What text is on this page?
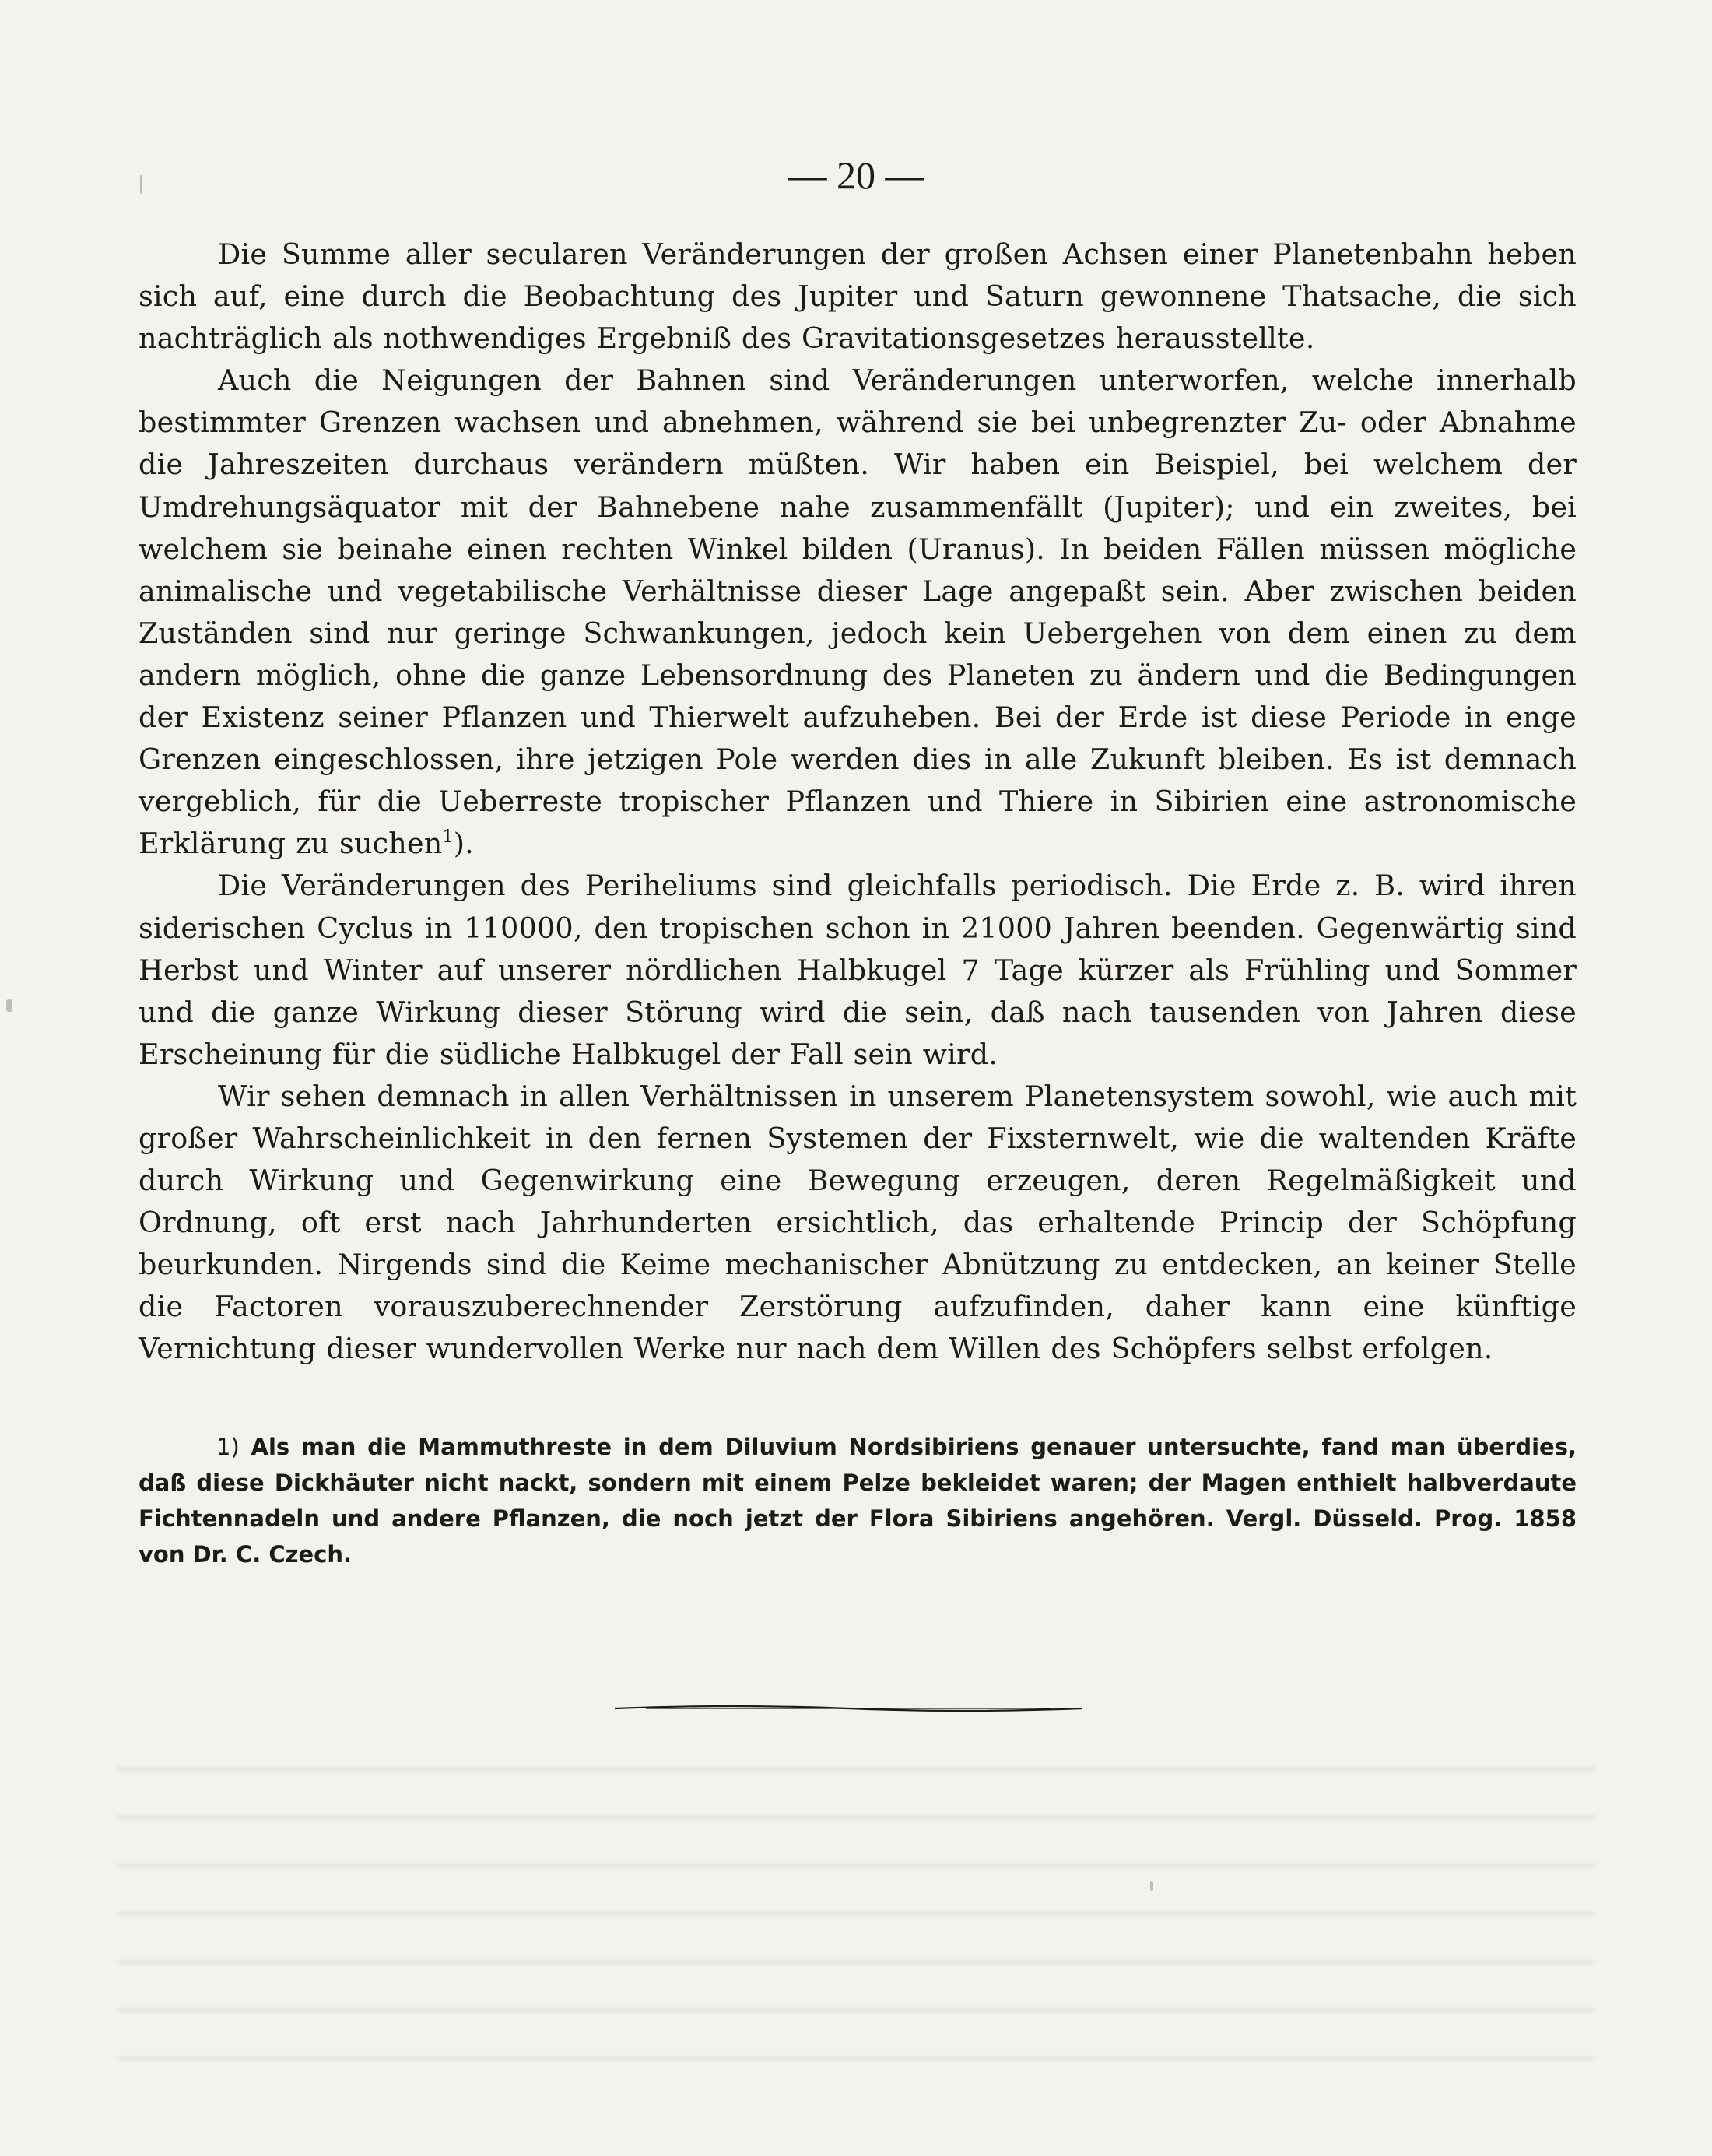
— 20 —

Die Summe aller secularen Veränderungen der großen Achsen einer Planetenbahn heben sich auf, eine durch die Beobachtung des Jupiter und Saturn gewonnene Thatsache, die sich nachträglich als nothwendiges Ergebniß des Gravitationsgesetzes herausstellte.

Auch die Neigungen der Bahnen sind Veränderungen unterworfen, welche innerhalb bestimmter Grenzen wachsen und abnehmen, während sie bei unbegrenzter Zu- oder Abnahme die Jahreszeiten durchaus verändern müßten. Wir haben ein Beispiel, bei welchem der Umdrehungsäquator mit der Bahnebene nahe zusammenfällt (Jupiter); und ein zweites, bei welchem sie beinahe einen rechten Winkel bilden (Uranus). In beiden Fällen müssen mögliche animalische und vegetabilische Verhältnisse dieser Lage angepaßt sein. Aber zwischen beiden Zuständen sind nur geringe Schwankungen, jedoch kein Uebergehen von dem einen zu dem andern möglich, ohne die ganze Lebensordnung des Planeten zu ändern und die Bedingungen der Existenz seiner Pflanzen und Thierwelt aufzuheben. Bei der Erde ist diese Periode in enge Grenzen eingeschlossen, ihre jetzigen Pole werden dies in alle Zukunft bleiben. Es ist demnach vergeblich, für die Ueberreste tropischer Pflanzen und Thiere in Sibirien eine astronomische Erklärung zu suchen$^1$).

Die Veränderungen des Periheliums sind gleichfalls periodisch. Die Erde z. B. wird ihren siderischen Cyclus in 110000, den tropischen schon in 21000 Jahren beenden. Gegenwärtig sind Herbst und Winter auf unserer nördlichen Halbkugel 7 Tage kürzer als Frühling und Sommer und die ganze Wirkung dieser Störung wird die sein, daß nach tausenden von Jahren diese Erscheinung für die südliche Halbkugel der Fall sein wird.

Wir sehen demnach in allen Verhältnissen in unserem Planetensystem sowohl, wie auch mit großer Wahrscheinlichkeit in den fernen Systemen der Fixsternwelt, wie die waltenden Kräfte durch Wirkung und Gegenwirkung eine Bewegung erzeugen, deren Regelmäßigkeit und Ordnung, oft erst nach Jahrhunderten ersichtlich, das erhaltende Princip der Schöpfung beurkunden. Nirgends sind die Keime mechanischer Abnützung zu entdecken, an keiner Stelle die Factoren vorauszuberechnender Zerstörung aufzufinden, daher kann eine künftige Vernichtung dieser wundervollen Werke nur nach dem Willen des Schöpfers selbst erfolgen.

1) Als man die Mammuthreste in dem Diluvium Nordsibiriens genauer untersuchte, fand man überdies, daß diese Dickhäuter nicht nackt, sondern mit einem Pelze bekleidet waren; der Magen enthielt halbverdaute Fichtennadeln und andere Pflanzen, die noch jetzt der Flora Sibiriens angehören. Vergl. Düsseld. Prog. 1858 von Dr. C. Czech.
